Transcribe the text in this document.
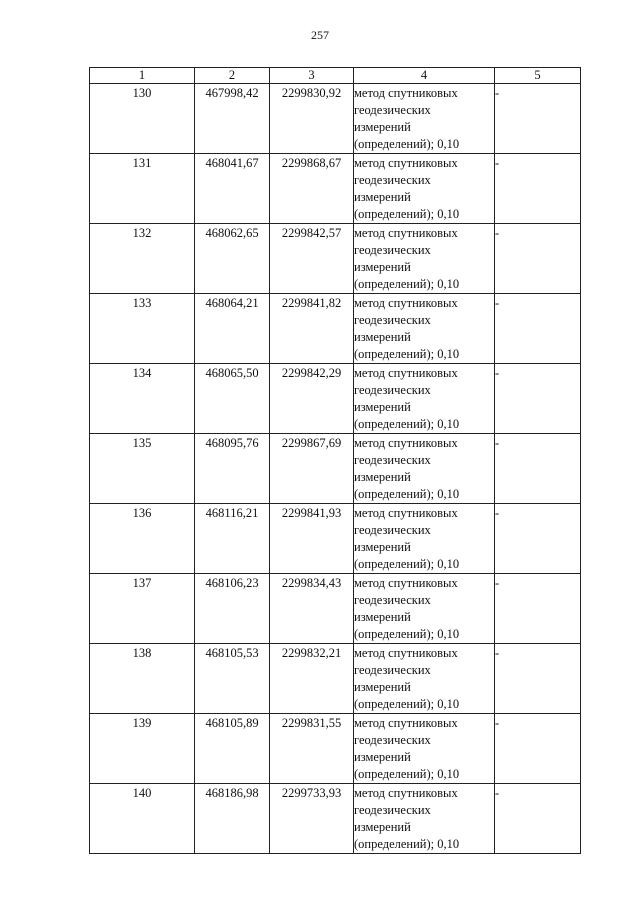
257
1	2	3	4	5
130	467998,42	2299830,92	метод спутниковых
геодезических
измерений
(определений); 0,10	-
131	468041,67	2299868,67	метод спутниковых
геодезических
измерений
(определений); 0,10	-
132	468062,65	2299842,57	метод спутниковых
геодезических
измерений
(определений); 0,10	-
133	468064,21	2299841,82	метод спутниковых
геодезических
измерений
(определений); 0,10	-
134	468065,50	2299842,29	метод спутниковых
геодезических
измерений
(определений); 0,10	-
135	468095,76	2299867,69	метод спутниковых
геодезических
измерений
(определений); 0,10	-
136	468116,21	2299841,93	метод спутниковых
геодезических
измерений
(определений); 0,10	-
137	468106,23	2299834,43	метод спутниковых
геодезических
измерений
(определений); 0,10	-
138	468105,53	2299832,21	метод спутниковых
геодезических
измерений
(определений); 0,10	-
139	468105,89	2299831,55	метод спутниковых
геодезических
измерений
(определений); 0,10	-
140	468186,98	2299733,93	метод спутниковых
геодезических
измерений
(определений); 0,10	-
